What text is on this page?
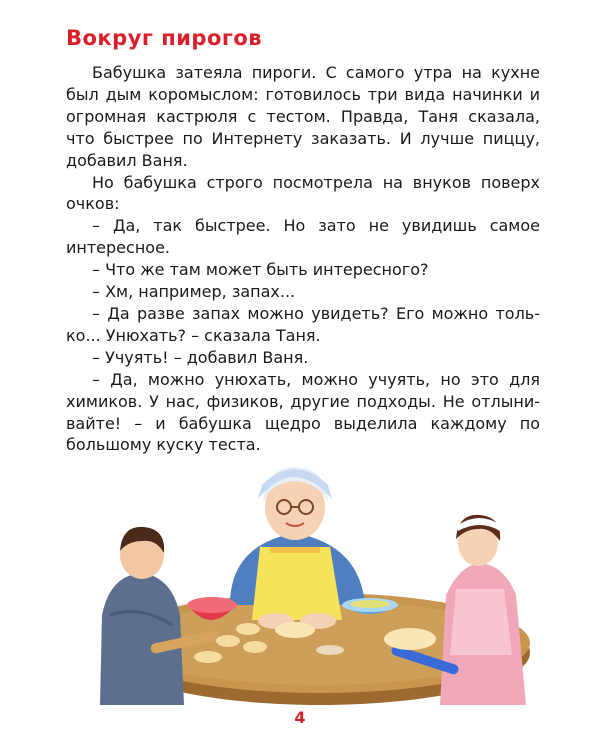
Вокруг пирогов
Бабушка затеяла пироги. С самого утра на кухне
был дым коромыслом: готовилось три вида начинки и
огромная кастрюля с тестом. Правда, Таня сказала,
что быстрее по Интернету заказать. И лучше пиццу,
добавил Ваня.
Но бабушка строго посмотрела на внуков поверх
очков:
– Да, так быстрее. Но зато не увидишь самое
интересное.
– Что же там может быть интересного?
– Хм, например, запах...
– Да разве запах можно увидеть? Его можно толь-
ко... Унюхать? – сказала Таня.
– Учуять! – добавил Ваня.
– Да, можно унюхать, можно учуять, но это для
химиков. У нас, физиков, другие подходы. Не отлыни-
вайте! – и бабушка щедро выделила каждому по
большому куску теста.
4
